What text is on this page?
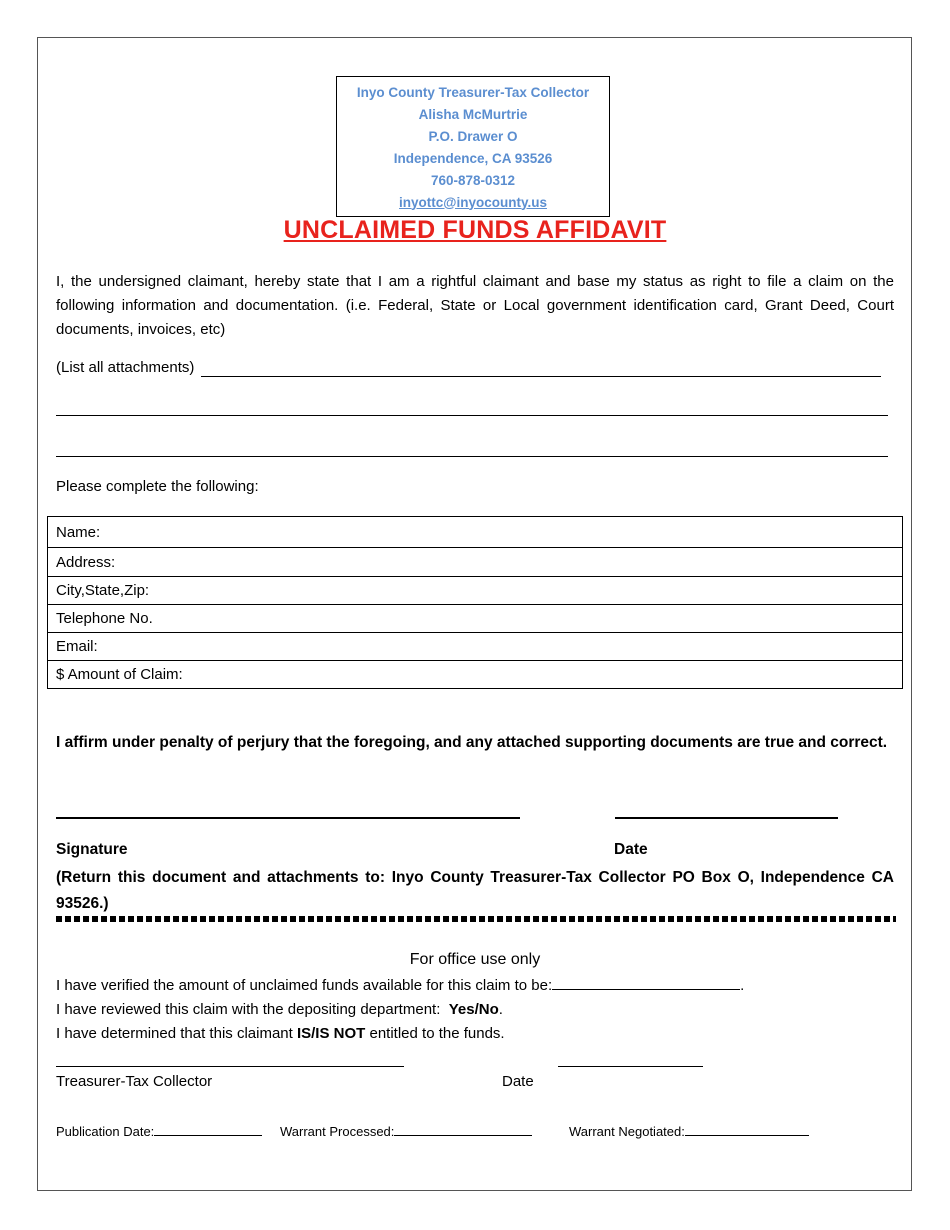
Inyo County Treasurer-Tax Collector
Alisha McMurtrie
P.O. Drawer O
Independence, CA 93526
760-878-0312
inyottc@inyocounty.us
UNCLAIMED FUNDS AFFIDAVIT
I, the undersigned claimant, hereby state that I am a rightful claimant and base my status as right to file a claim on the following information and documentation. (i.e. Federal, State or Local government identification card, Grant Deed, Court documents, invoices, etc)
(List all attachments)
Please complete the following:
Name:
Address:
City,State,Zip:
Telephone No.
Email:
$ Amount of Claim:
I affirm under penalty of perjury that the foregoing, and any attached supporting documents are true and correct.
Signature	Date
(Return this document and attachments to: Inyo County Treasurer-Tax Collector PO Box O, Independence CA 93526.)
For office use only
I have verified the amount of unclaimed funds available for this claim to be:	.
I have reviewed this claim with the depositing department: Yes/No.
I have determined that this claimant IS/IS NOT entitled to the funds.
Treasurer-Tax Collector	Date
Publication Date:	Warrant Processed:	Warrant Negotiated:
